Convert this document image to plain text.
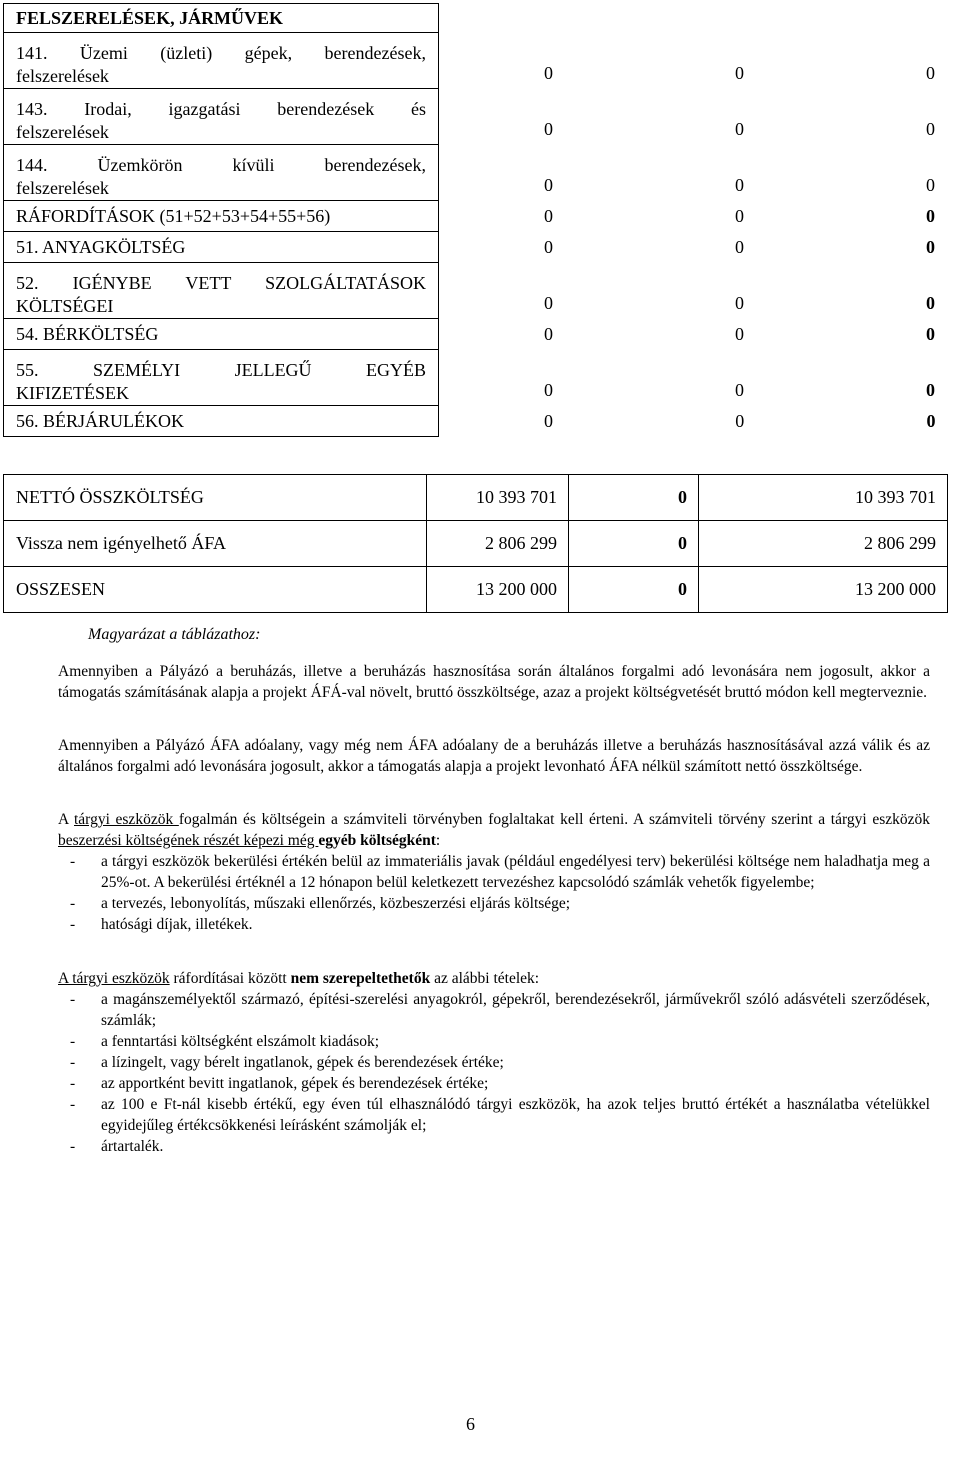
FELSZERELÉSEK, JÁRMŰVEK	

141. Üzemi (üzleti) gépek, berendezések,
felszerelések	0 0 0

143. Irodai, igazgatási berendezések és
felszerelések	0 0 0

144. Üzemkörön kívüli berendezések,
felszerelések	0 0 0

RÁFORDÍTÁSOK (51+52+53+54+55+56)	0 0 0

51. ANYAGKÖLTSÉG	0 0 0

52. IGÉNYBE VETT SZOLGÁLTATÁSOK
KÖLTSÉGEI	0 0 0

54. BÉRKÖLTSÉG	0 0 0

55. SZEMÉLYI JELLEGŰ EGYÉB
KIFIZETÉSEK	0 0 0

56. BÉRJÁRULÉKOK	0 0 0
NETTÓ ÖSSZKÖLTSÉG	10 393 701	0	10 393 701
Vissza nem igényelhető ÁFA	2 806 299	0	2 806 299
OSSZESEN	13 200 000	0	13 200 000
Magyarázat a táblázathoz:

Amennyiben a Pályázó a beruházás, illetve a beruházás hasznosítása során általános forgalmi adó levonására nem jogosult, akkor a támogatás számításának alapja a projekt ÁFÁ-val növelt, bruttó összköltsége, azaz a projekt költségvetését bruttó módon kell megterveznie.

Amennyiben a Pályázó ÁFA adóalany, vagy még nem ÁFA adóalany de a beruházás illetve a beruházás hasznosításával azzá válik és az általános forgalmi adó levonására jogosult, akkor a támogatás alapja a projekt levonható ÁFA nélkül számított nettó összköltsége.

A tárgyi eszközök fogalmán és költségein a számviteli törvényben foglaltakat kell érteni. A számviteli törvény szerint a tárgyi eszközök beszerzési költségének részét képezi még egyéb költségként:
- a tárgyi eszközök bekerülési értékén belül az immateriális javak (például engedélyesi terv) bekerülési költsége nem haladhatja meg a 25%-ot. A bekerülési értéknél a 12 hónapon belül keletkezett tervezéshez kapcsolódó számlák vehetők figyelembe;
- a tervezés, lebonyolítás, műszaki ellenőrzés, közbeszerzési eljárás költsége;
- hatósági díjak, illetékek.
A tárgyi eszközök ráfordításai között nem szerepeltethetők az alábbi tételek:
- a magánszemélyektől származó, építési-szerelési anyagokról, gépekről, berendezésekről, járművekről szóló adásvételi szerződések, számlák;
- a fenntartási költségként elszámolt kiadások;
- a lízingelt, vagy bérelt ingatlanok, gépek és berendezések értéke;
- az apportként bevitt ingatlanok, gépek és berendezések értéke;
- az 100 e Ft-nál kisebb értékű, egy éven túl elhasználódó tárgyi eszközök, ha azok teljes bruttó értékét a használatba vételükkel egyidejűleg értékcsökkenési leírásként számolják el;
- ártartalék.
6
